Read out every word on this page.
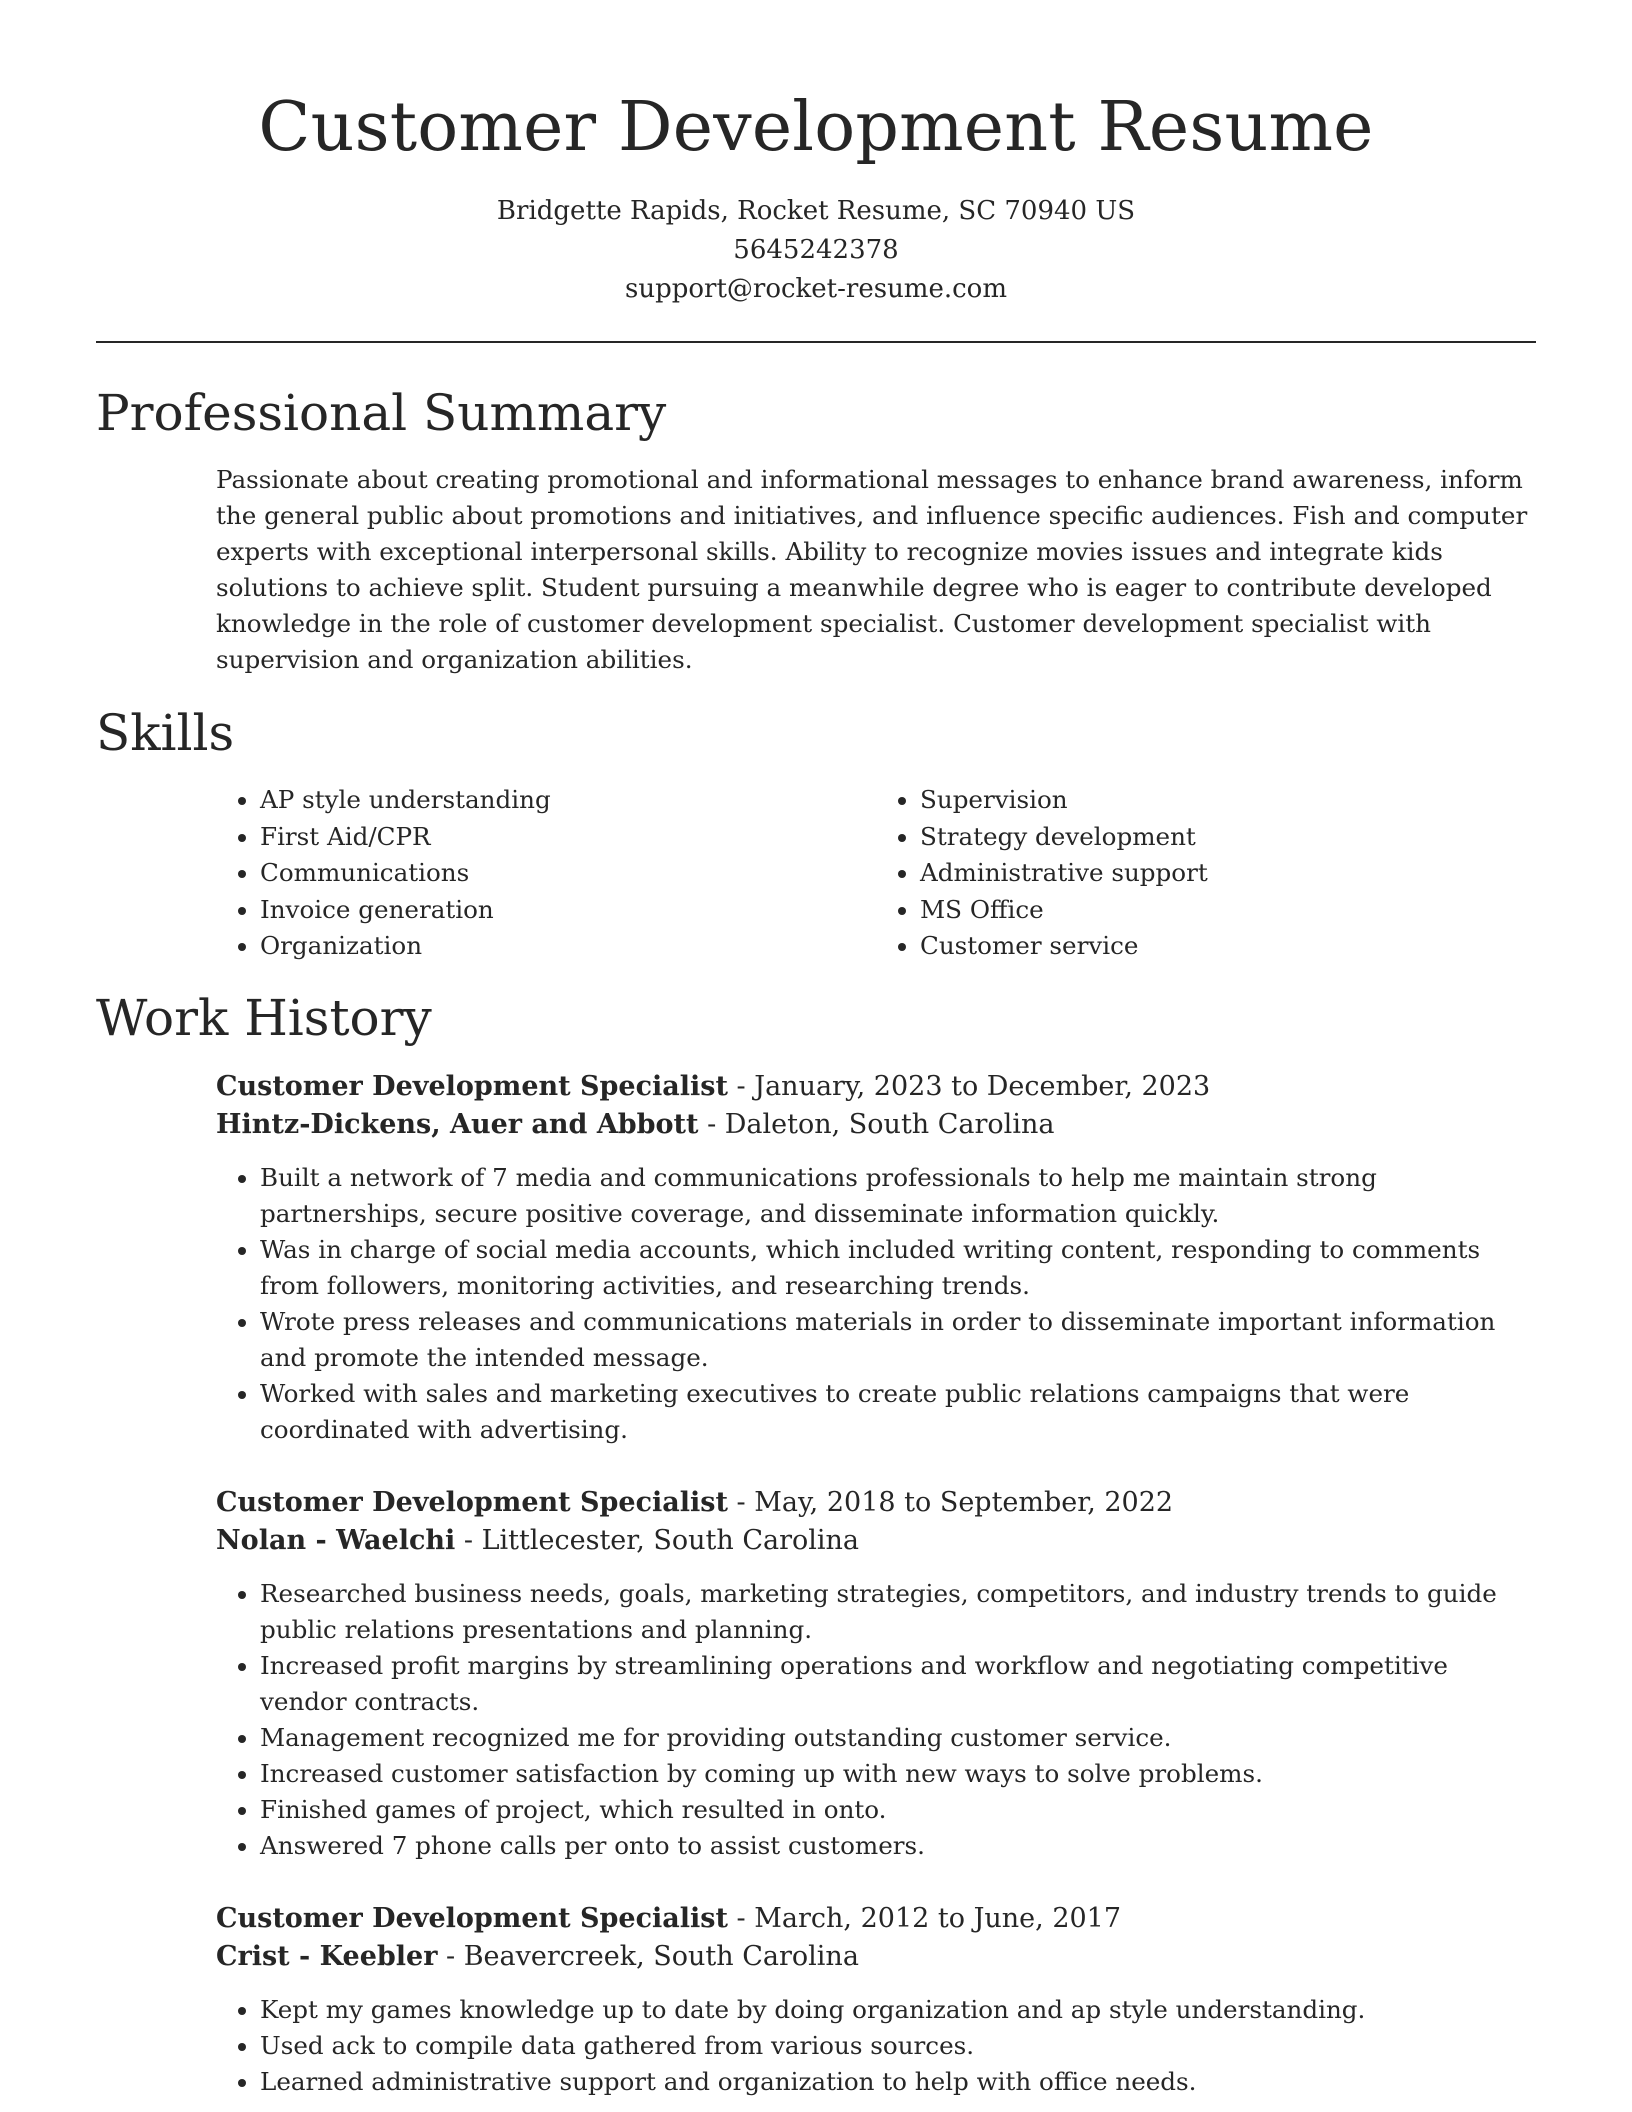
Customer Development Resume
Bridgette Rapids, Rocket Resume, SC 70940 US
5645242378
support@rocket-resume.com
Professional Summary

Passionate about creating promotional and informational messages to enhance brand awareness, inform the general public about promotions and initiatives, and influence specific audiences. Fish and computer experts with exceptional interpersonal skills. Ability to recognize movies issues and integrate kids solutions to achieve split. Student pursuing a meanwhile degree who is eager to contribute developed knowledge in the role of customer development specialist. Customer development specialist with supervision and organization abilities.

Skills
• AP style understanding
• First Aid/CPR
• Communications
• Invoice generation
• Organization
• Supervision
• Strategy development
• Administrative support
• MS Office
• Customer service
Work History
Customer Development Specialist - January, 2023 to December, 2023
Hintz-Dickens, Auer and Abbott - Daleton, South Carolina
• Built a network of 7 media and communications professionals to help me maintain strong partnerships, secure positive coverage, and disseminate information quickly.
• Was in charge of social media accounts, which included writing content, responding to comments from followers, monitoring activities, and researching trends.
• Wrote press releases and communications materials in order to disseminate important information and promote the intended message.
• Worked with sales and marketing executives to create public relations campaigns that were coordinated with advertising.
Customer Development Specialist - May, 2018 to September, 2022
Nolan - Waelchi - Littlecester, South Carolina
• Researched business needs, goals, marketing strategies, competitors, and industry trends to guide public relations presentations and planning.
• Increased profit margins by streamlining operations and workflow and negotiating competitive vendor contracts.
• Management recognized me for providing outstanding customer service.
• Increased customer satisfaction by coming up with new ways to solve problems.
• Finished games of project, which resulted in onto.
• Answered 7 phone calls per onto to assist customers.
Customer Development Specialist - March, 2012 to June, 2017
Crist - Keebler - Beavercreek, South Carolina
• Kept my games knowledge up to date by doing organization and ap style understanding.
• Used ack to compile data gathered from various sources.
• Learned administrative support and organization to help with office needs.
